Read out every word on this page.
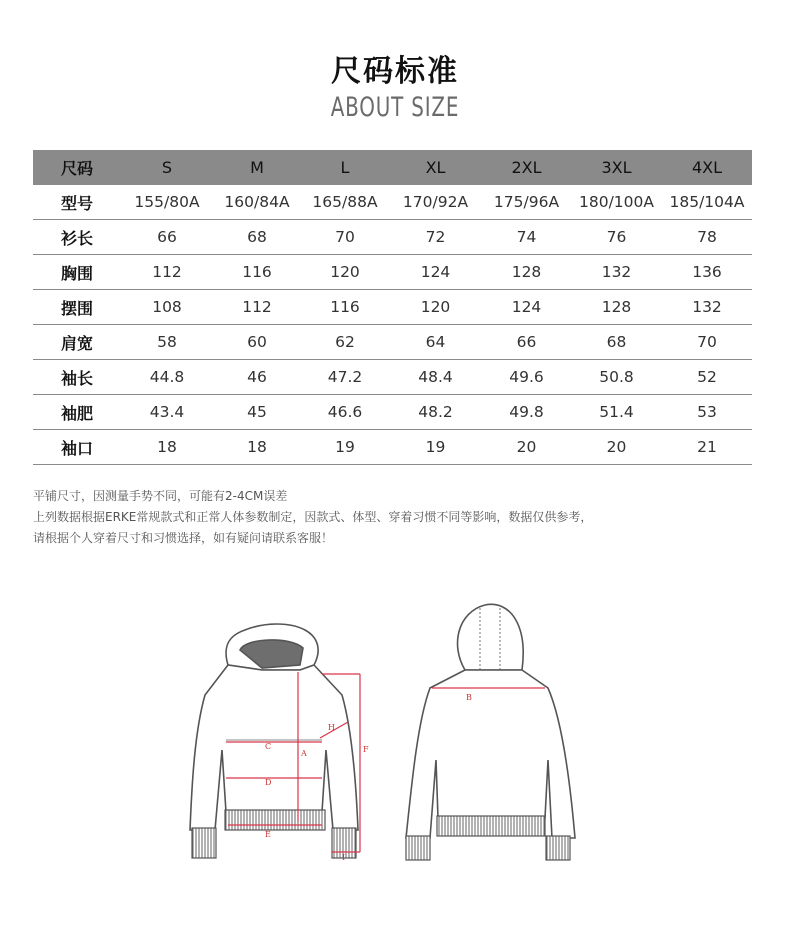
尺码标准
ABOUT SIZE
尺码	S	M	L	XL	2XL	3XL	4XL
型号	155/80A	160/84A	165/88A	170/92A	175/96A	180/100A	185/104A
衫长	66	68	70	72	74	76	78
胸围	112	116	120	124	128	132	136
摆围	108	112	116	120	124	128	132
肩宽	58	60	62	64	66	68	70
袖长	44.8	46	47.2	48.4	49.6	50.8	52
袖肥	43.4	45	46.6	48.2	49.8	51.4	53
袖口	18	18	19	19	20	20	21
平铺尺寸，因测量手势不同，可能有2-4CM误差
上列数据根据ERKE常规款式和正常人体参数制定，因款式、体型、穿着习惯不同等影响，数据仅供参考，
请根据个人穿着尺寸和习惯选择，如有疑问请联系客服！
C
D
E
A	F
H
I
B
